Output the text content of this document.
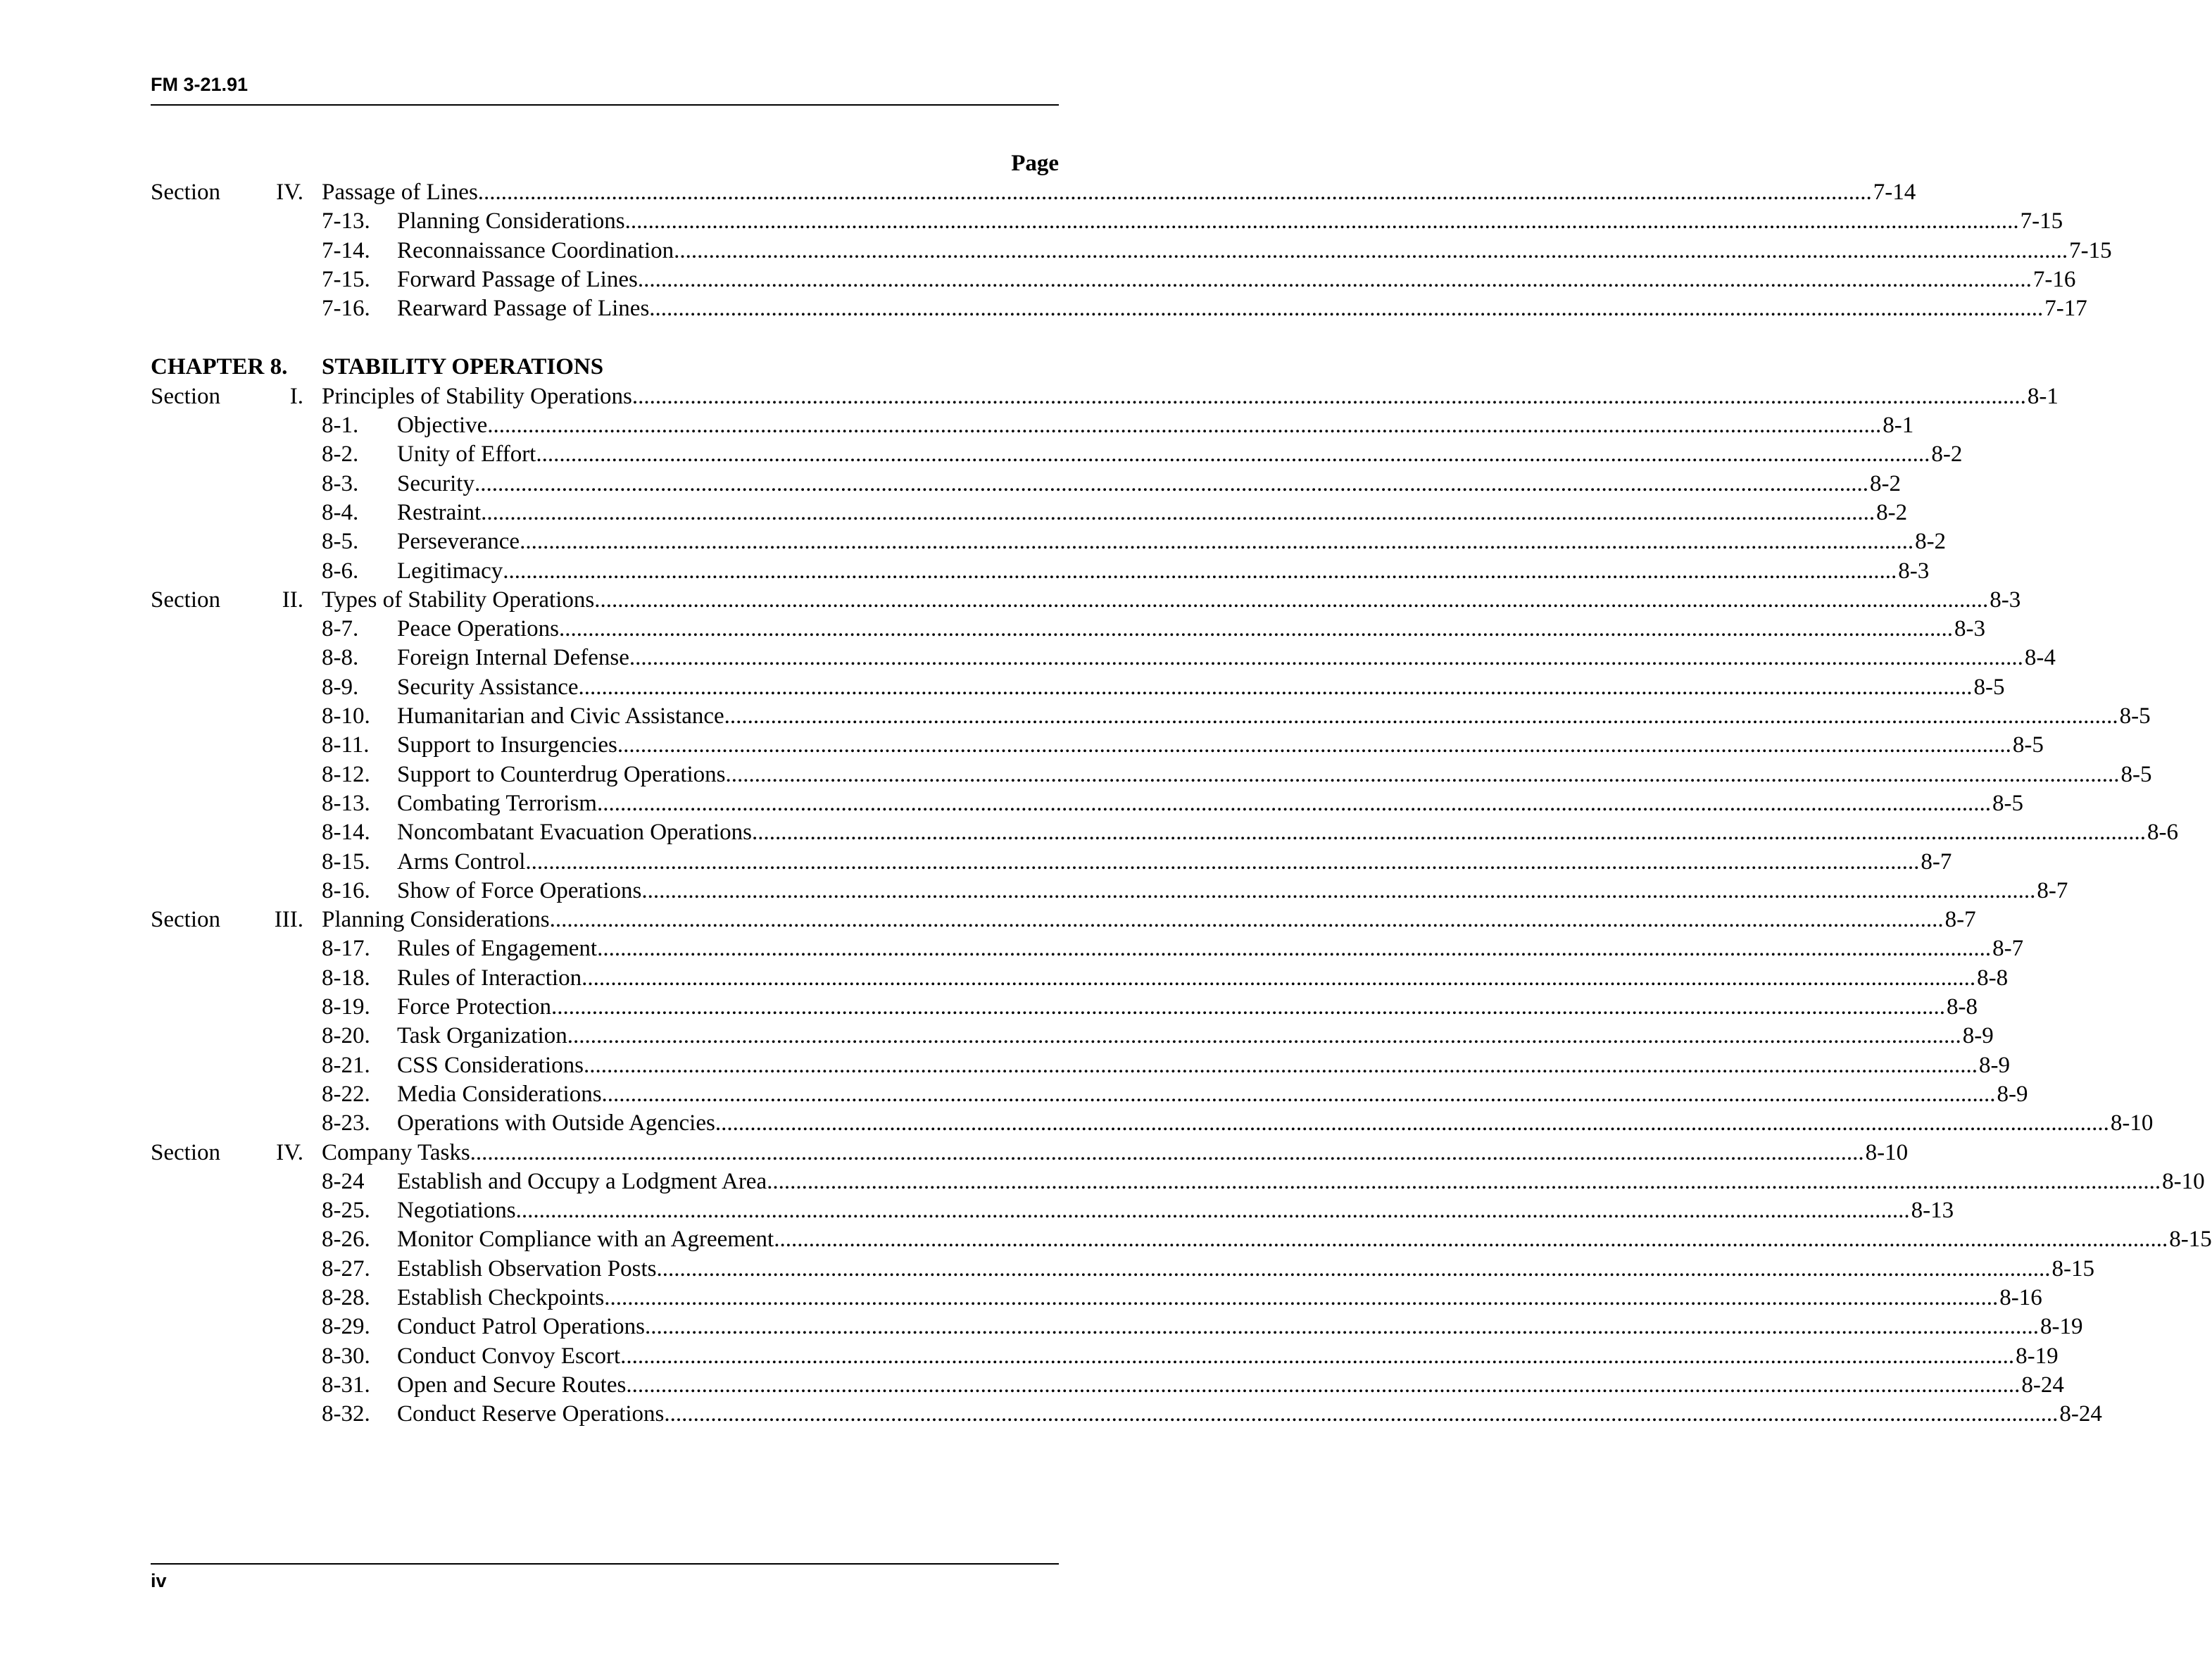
FM 3-21.91
Page
Section IV. Passage of Lines ................................................................................................................................................................................................................................................ 7-14
7-13. Planning Considerations ................................................................................................................................................................................................................................................ 7-15
7-14. Reconnaissance Coordination ................................................................................................................................................................................................................................................ 7-15
7-15. Forward Passage of Lines ................................................................................................................................................................................................................................................ 7-16
7-16. Rearward Passage of Lines ................................................................................................................................................................................................................................................ 7-17
CHAPTER 8. STABILITY OPERATIONS
Section	I. Principles of Stability Operations ................................................................................................................................................................................................................................................ 8-1
8-1. Objective ................................................................................................................................................................................................................................................ 8-1
8-2. Unity of Effort ................................................................................................................................................................................................................................................ 8-2
8-3. Security ................................................................................................................................................................................................................................................ 8-2
8-4. Restraint ................................................................................................................................................................................................................................................ 8-2
8-5. Perseverance ................................................................................................................................................................................................................................................ 8-2
8-6. Legitimacy ................................................................................................................................................................................................................................................ 8-3
Section	II. Types of Stability Operations ................................................................................................................................................................................................................................................ 8-3
8-7. Peace Operations ................................................................................................................................................................................................................................................ 8-3
8-8. Foreign Internal Defense ................................................................................................................................................................................................................................................ 8-4
8-9. Security Assistance ................................................................................................................................................................................................................................................ 8-5
8-10. Humanitarian and Civic Assistance ................................................................................................................................................................................................................................................ 8-5
8-11. Support to Insurgencies ................................................................................................................................................................................................................................................ 8-5
8-12. Support to Counterdrug Operations ................................................................................................................................................................................................................................................ 8-5
8-13. Combating Terrorism ................................................................................................................................................................................................................................................ 8-5
8-14. Noncombatant Evacuation Operations ................................................................................................................................................................................................................................................ 8-6
8-15. Arms Control ................................................................................................................................................................................................................................................ 8-7
8-16. Show of Force Operations ................................................................................................................................................................................................................................................ 8-7
Section III. Planning Considerations ................................................................................................................................................................................................................................................ 8-7
8-17. Rules of Engagement ................................................................................................................................................................................................................................................ 8-7
8-18. Rules of Interaction ................................................................................................................................................................................................................................................ 8-8
8-19. Force Protection ................................................................................................................................................................................................................................................ 8-8
8-20. Task Organization ................................................................................................................................................................................................................................................ 8-9
8-21. CSS Considerations ................................................................................................................................................................................................................................................ 8-9
8-22. Media Considerations ................................................................................................................................................................................................................................................ 8-9
8-23. Operations with Outside Agencies ................................................................................................................................................................................................................................................ 8-10
Section IV. Company Tasks ................................................................................................................................................................................................................................................ 8-10
8-24 Establish and Occupy a Lodgment Area ................................................................................................................................................................................................................................................ 8-10
8-25. Negotiations ................................................................................................................................................................................................................................................ 8-13
8-26. Monitor Compliance with an Agreement ................................................................................................................................................................................................................................................ 8-15
8-27. Establish Observation Posts ................................................................................................................................................................................................................................................ 8-15
8-28. Establish Checkpoints ................................................................................................................................................................................................................................................ 8-16
8-29. Conduct Patrol Operations ................................................................................................................................................................................................................................................ 8-19
8-30. Conduct Convoy Escort ................................................................................................................................................................................................................................................ 8-19
8-31. Open and Secure Routes ................................................................................................................................................................................................................................................ 8-24
8-32. Conduct Reserve Operations ................................................................................................................................................................................................................................................ 8-24
iv
